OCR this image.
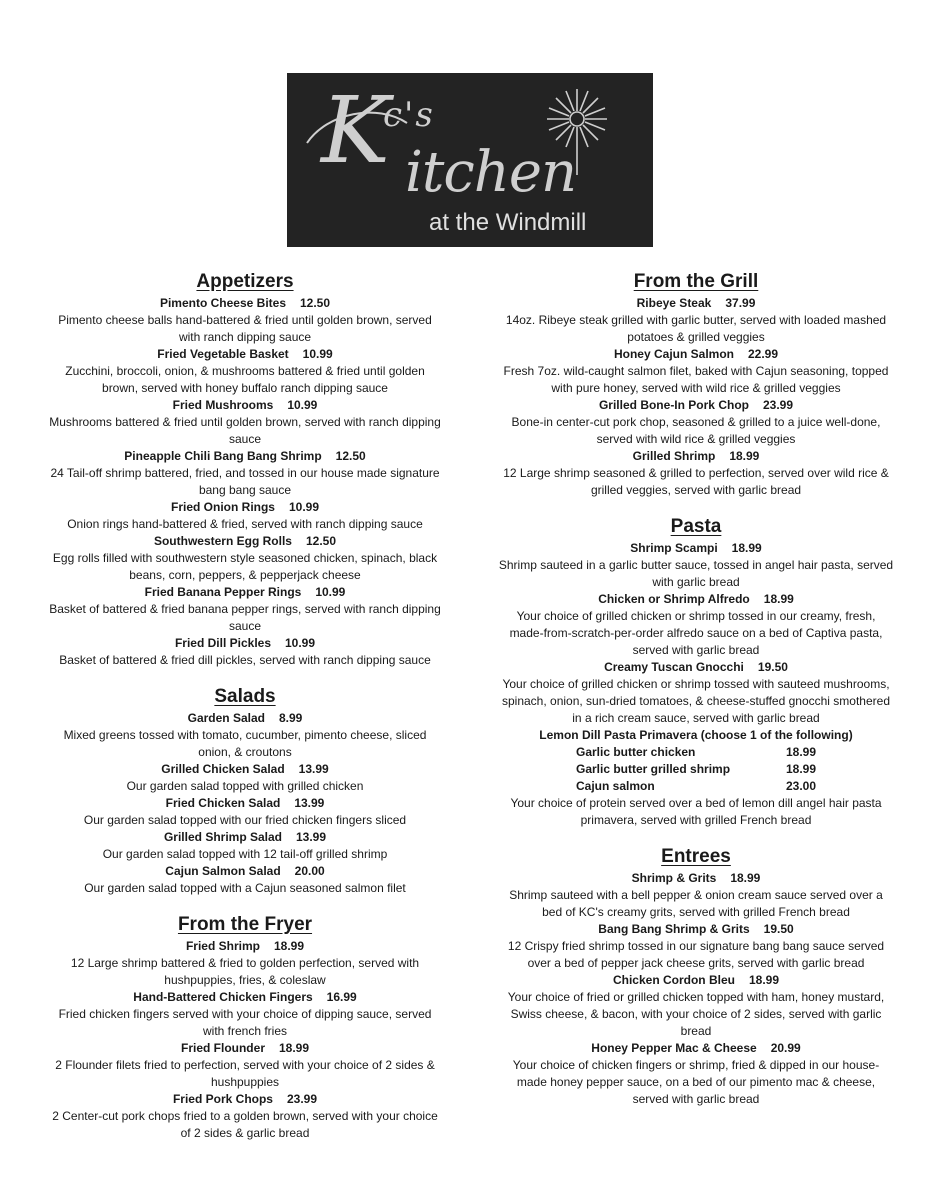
K
c's
itchen
at the Windmill
Appetizers
Pimento Cheese Bites 12.50
Pimento cheese balls hand-battered & fried until golden brown, served with ranch dipping sauce
Fried Vegetable Basket 10.99
Zucchini, broccoli, onion, & mushrooms battered & fried until golden brown, served with honey buffalo ranch dipping sauce
Fried Mushrooms 10.99
Mushrooms battered & fried until golden brown, served with ranch dipping sauce
Pineapple Chili Bang Bang Shrimp 12.50
24 Tail-off shrimp battered, fried, and tossed in our house made signature bang bang sauce
Fried Onion Rings 10.99
Onion rings hand-battered & fried, served with ranch dipping sauce
Southwestern Egg Rolls 12.50
Egg rolls filled with southwestern style seasoned chicken, spinach, black beans, corn, peppers, & pepperjack cheese
Fried Banana Pepper Rings 10.99
Basket of battered & fried banana pepper rings, served with ranch dipping sauce
Fried Dill Pickles 10.99
Basket of battered & fried dill pickles, served with ranch dipping sauce
Salads
Garden Salad 8.99
Mixed greens tossed with tomato, cucumber, pimento cheese, sliced onion, & croutons
Grilled Chicken Salad 13.99
Our garden salad topped with grilled chicken
Fried Chicken Salad 13.99
Our garden salad topped with our fried chicken fingers sliced
Grilled Shrimp Salad 13.99
Our garden salad topped with 12 tail-off grilled shrimp
Cajun Salmon Salad 20.00
Our garden salad topped with a Cajun seasoned salmon filet
From the Fryer
Fried Shrimp 18.99
12 Large shrimp battered & fried to golden perfection, served with hushpuppies, fries, & coleslaw
Hand-Battered Chicken Fingers 16.99
Fried chicken fingers served with your choice of dipping sauce, served with french fries
Fried Flounder 18.99
2 Flounder filets fried to perfection, served with your choice of 2 sides & hushpuppies
Fried Pork Chops 23.99
2 Center-cut pork chops fried to a golden brown, served with your choice of 2 sides & garlic bread
From the Grill
Ribeye Steak 37.99
14oz. Ribeye steak grilled with garlic butter, served with loaded mashed potatoes & grilled veggies
Honey Cajun Salmon 22.99
Fresh 7oz. wild-caught salmon filet, baked with Cajun seasoning, topped with pure honey, served with wild rice & grilled veggies
Grilled Bone-In Pork Chop 23.99
Bone-in center-cut pork chop, seasoned & grilled to a juice well-done, served with wild rice & grilled veggies
Grilled Shrimp 18.99
12 Large shrimp seasoned & grilled to perfection, served over wild rice & grilled veggies, served with garlic bread
Pasta
Shrimp Scampi 18.99
Shrimp sauteed in a garlic butter sauce, tossed in angel hair pasta, served with garlic bread
Chicken or Shrimp Alfredo 18.99
Your choice of grilled chicken or shrimp tossed in our creamy, fresh, made-from-scratch-per-order alfredo sauce on a bed of Captiva pasta, served with garlic bread
Creamy Tuscan Gnocchi 19.50
Your choice of grilled chicken or shrimp tossed with sauteed mushrooms, spinach, onion, sun-dried tomatoes, & cheese-stuffed gnocchi smothered in a rich cream sauce, served with garlic bread
Lemon Dill Pasta Primavera (choose 1 of the following)
Garlic butter chicken	18.99
Garlic butter grilled shrimp	18.99
Cajun salmon	23.00
Your choice of protein served over a bed of lemon dill angel hair pasta primavera, served with grilled French bread
Entrees
Shrimp & Grits 18.99
Shrimp sauteed with a bell pepper & onion cream sauce served over a bed of KC's creamy grits, served with grilled French bread
Bang Bang Shrimp & Grits 19.50
12 Crispy fried shrimp tossed in our signature bang bang sauce served over a bed of pepper jack cheese grits, served with garlic bread
Chicken Cordon Bleu 18.99
Your choice of fried or grilled chicken topped with ham, honey mustard, Swiss cheese, & bacon, with your choice of 2 sides, served with garlic bread
Honey Pepper Mac & Cheese 20.99
Your choice of chicken fingers or shrimp, fried & dipped in our house-made honey pepper sauce, on a bed of our pimento mac & cheese, served with garlic bread
